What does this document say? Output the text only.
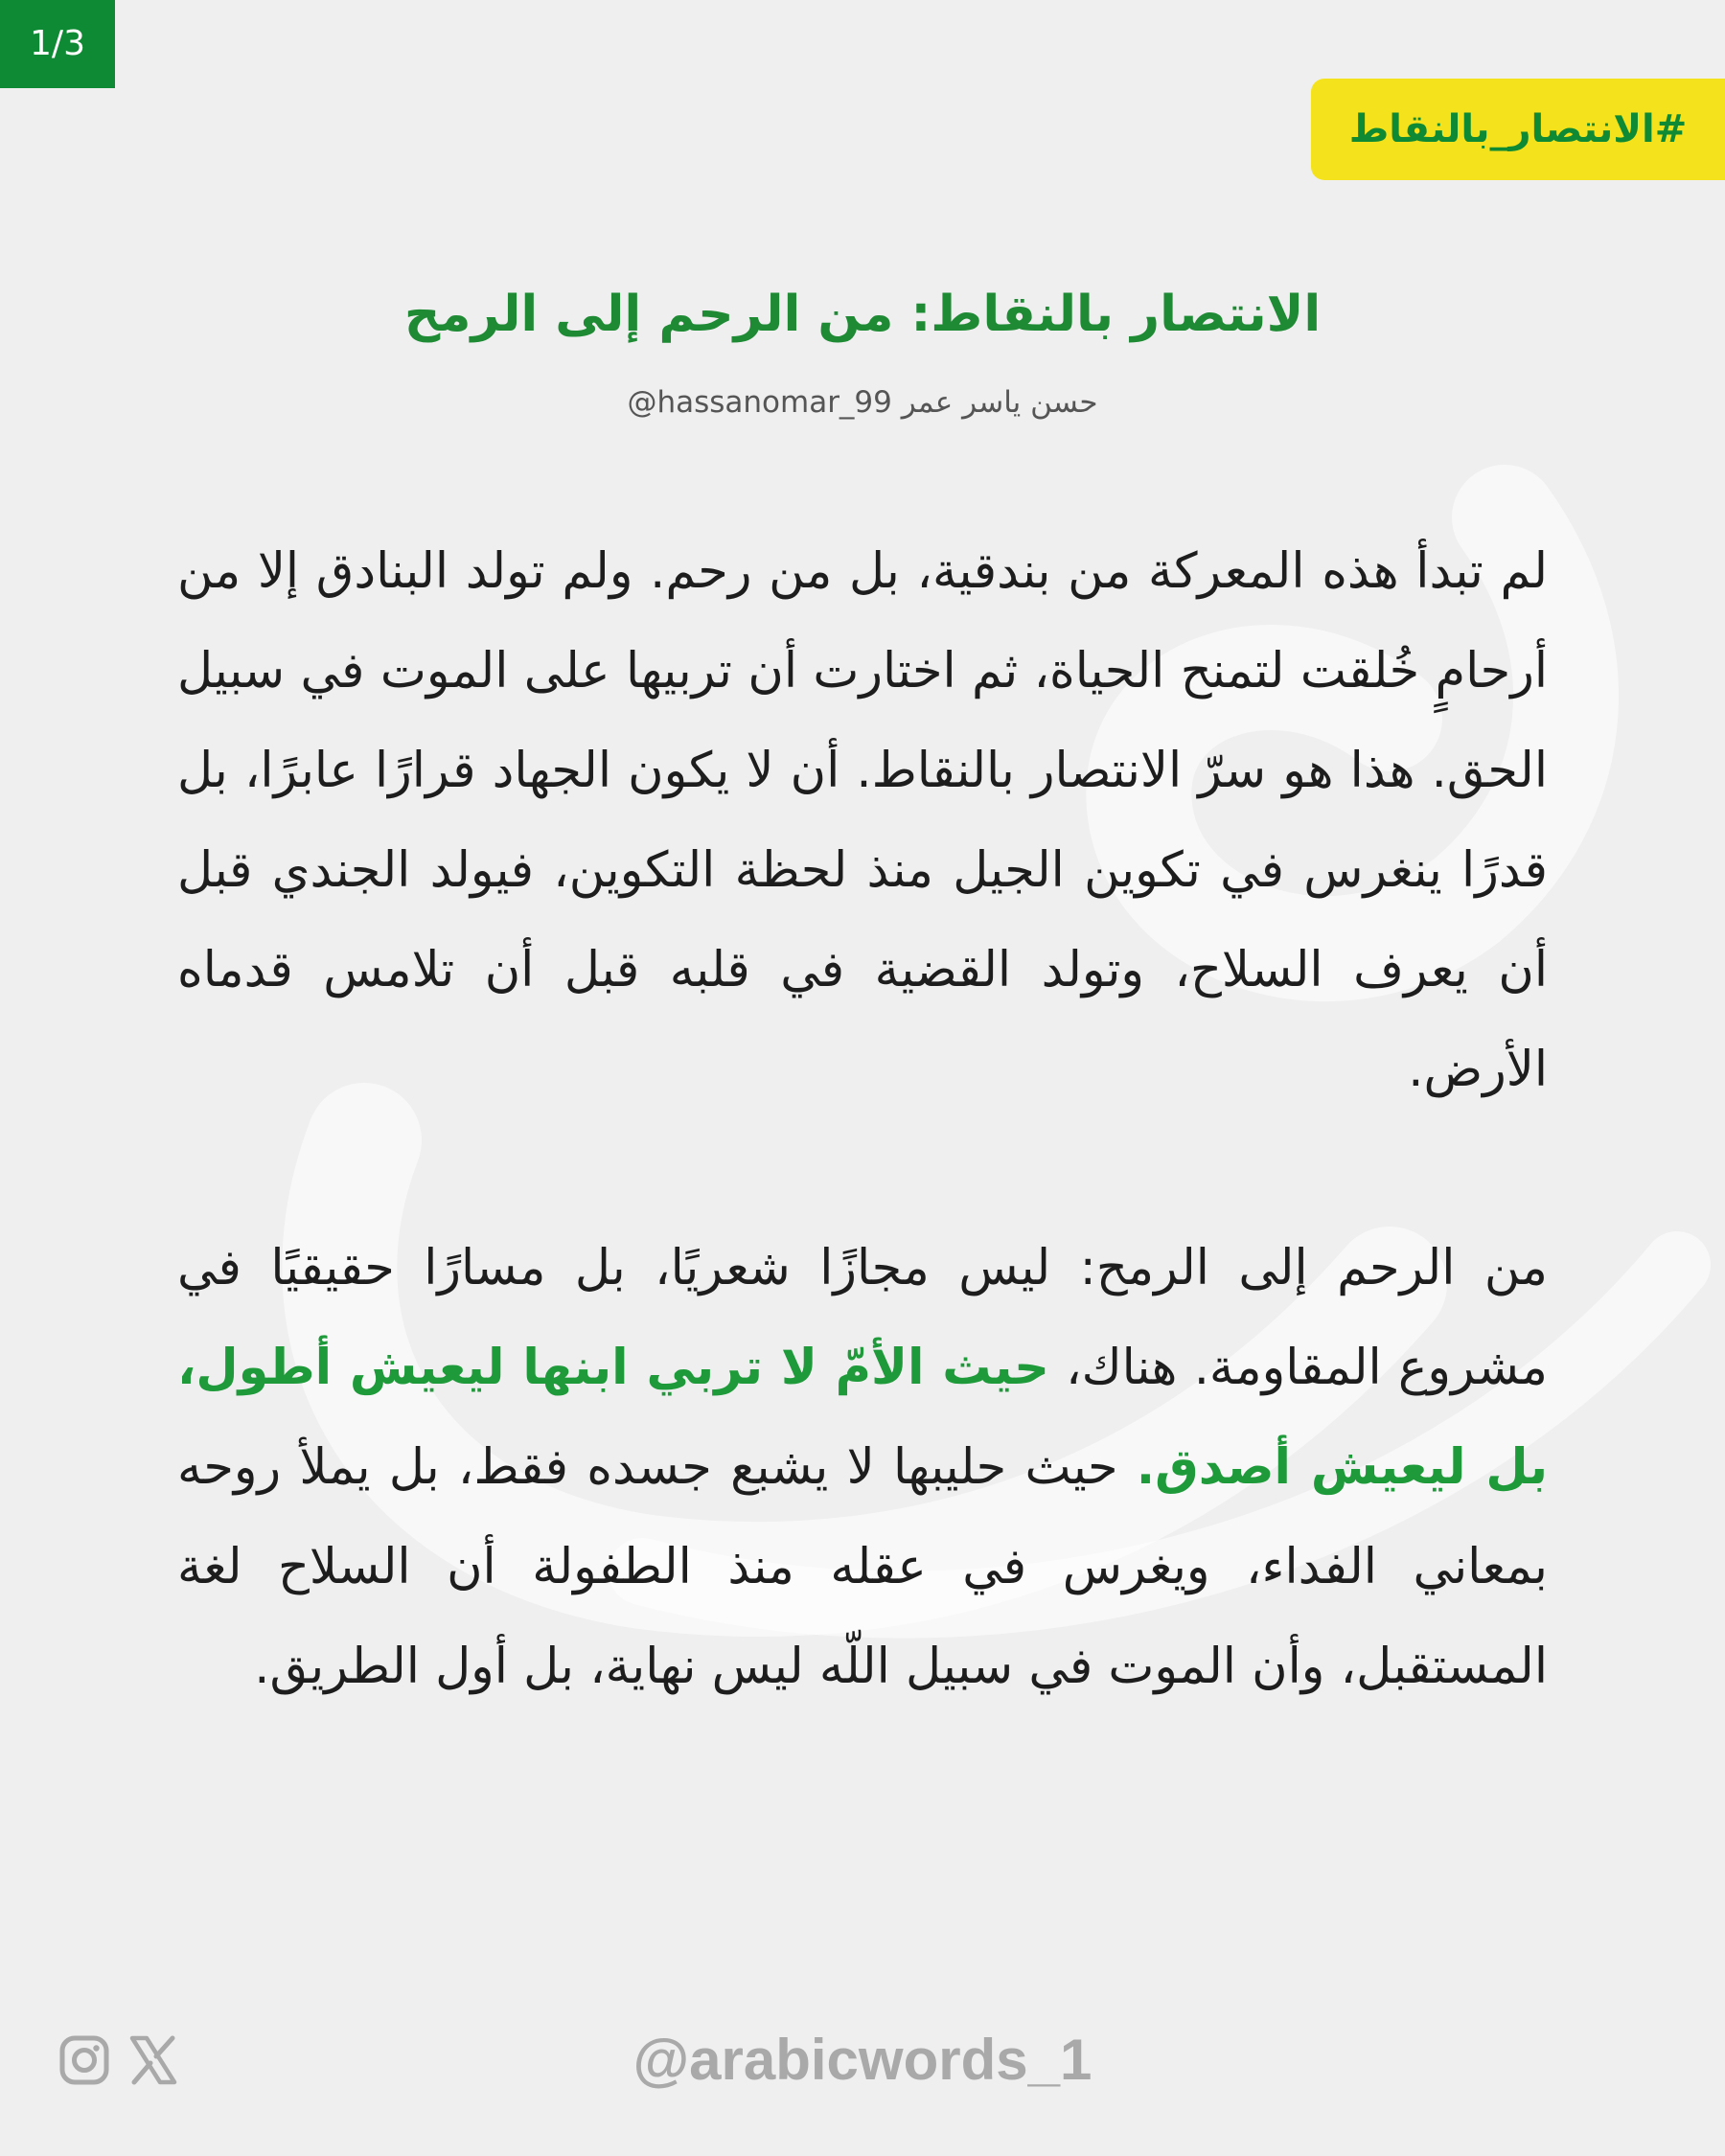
1/3
#الانتصار_بالنقاط
الانتصار بالنقاط: من الرحم إلى الرمح
حسن ياسر عمر @hassanomar_99
لم تبدأ هذه المعركة من بندقية، بل من رحم. ولم تولد البنادق إلا من أرحامٍ خُلقت لتمنح الحياة، ثم اختارت أن تربيها على الموت في سبيل الحق. هذا هو سرّ الانتصار بالنقاط. أن لا يكون الجهاد قرارًا عابرًا، بل قدرًا ينغرس في تكوين الجيل منذ لحظة التكوين، فيولد الجندي قبل أن يعرف السلاح، وتولد القضية في قلبه قبل أن تلامس قدماه الأرض.
من الرحم إلى الرمح: ليس مجازًا شعريًا، بل مسارًا حقيقيًا في مشروع المقاومة. هناك، حيث الأمّ لا تربي ابنها ليعيش أطول، بل ليعيش أصدق. حيث حليبها لا يشبع جسده فقط، بل يملأ روحه بمعاني الفداء، ويغرس في عقله منذ الطفولة أن السلاح لغة المستقبل، وأن الموت في سبيل اللّه ليس نهاية، بل أول الطريق.
@arabicwords_1
